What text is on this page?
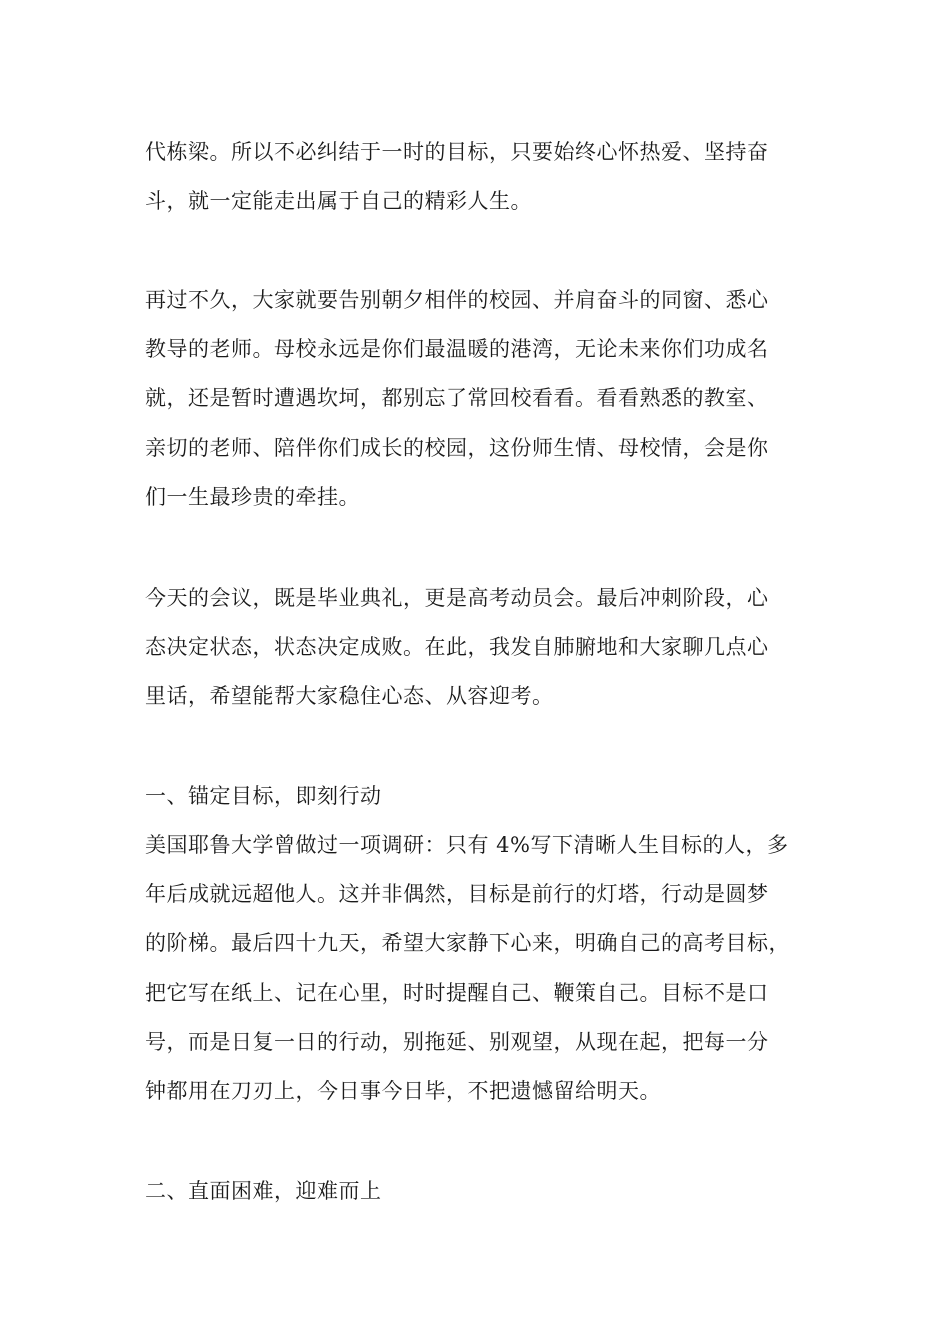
代栋梁。所以不必纠结于一时的目标，只要始终心怀热爱、坚持奋
斗，就一定能走出属于自己的精彩人生。
再过不久，大家就要告别朝夕相伴的校园、并肩奋斗的同窗、悉心
教导的老师。母校永远是你们最温暖的港湾，无论未来你们功成名
就，还是暂时遭遇坎坷，都别忘了常回校看看。看看熟悉的教室、
亲切的老师、陪伴你们成长的校园，这份师生情、母校情，会是你
们一生最珍贵的牵挂。
今天的会议，既是毕业典礼，更是高考动员会。最后冲刺阶段，心
态决定状态，状态决定成败。在此，我发自肺腑地和大家聊几点心
里话，希望能帮大家稳住心态、从容迎考。
一、锚定目标，即刻行动
美国耶鲁大学曾做过一项调研：只有 4%写下清晰人生目标的人，多
年后成就远超他人。这并非偶然，目标是前行的灯塔，行动是圆梦
的阶梯。最后四十九天，希望大家静下心来，明确自己的高考目标，
把它写在纸上、记在心里，时时提醒自己、鞭策自己。目标不是口
号，而是日复一日的行动，别拖延、别观望，从现在起，把每一分
钟都用在刀刃上，今日事今日毕，不把遗憾留给明天。
二、直面困难，迎难而上
